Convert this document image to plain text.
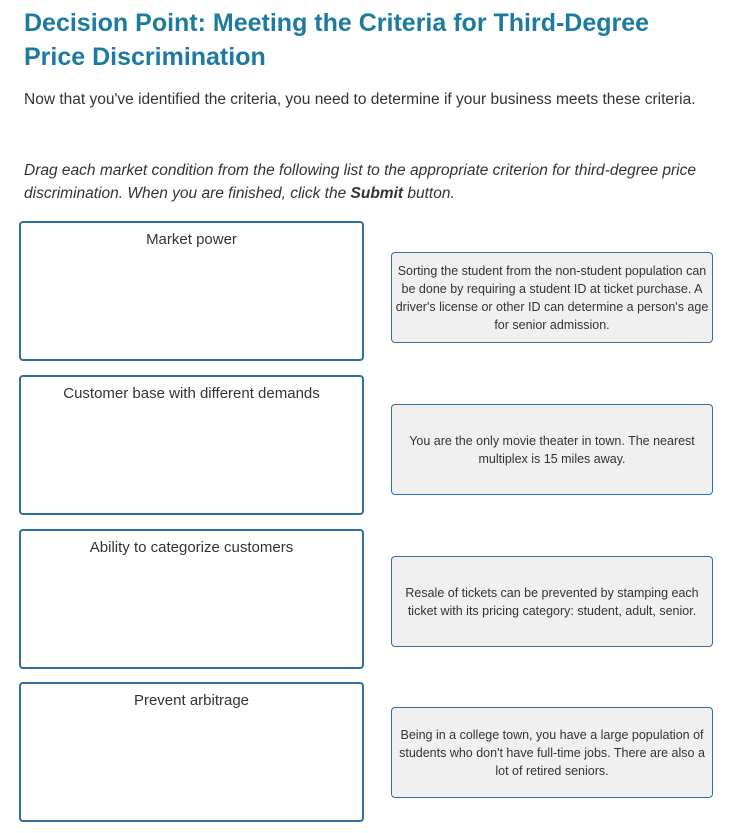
Decision Point: Meeting the Criteria for Third-Degree Price Discrimination

Now that you've identified the criteria, you need to determine if your business meets these criteria.

Drag each market condition from the following list to the appropriate criterion for third-degree price discrimination. When you are finished, click the Submit button.

Market power
Customer base with different demands
Ability to categorize customers
Prevent arbitrage
Sorting the student from the non-student population can be done by requiring a student ID at ticket purchase. A driver's license or other ID can determine a person's age for senior admission.
You are the only movie theater in town. The nearest multiplex is 15 miles away.
Resale of tickets can be prevented by stamping each ticket with its pricing category: student, adult, senior.
Being in a college town, you have a large population of students who don't have full-time jobs. There are also a lot of retired seniors.
